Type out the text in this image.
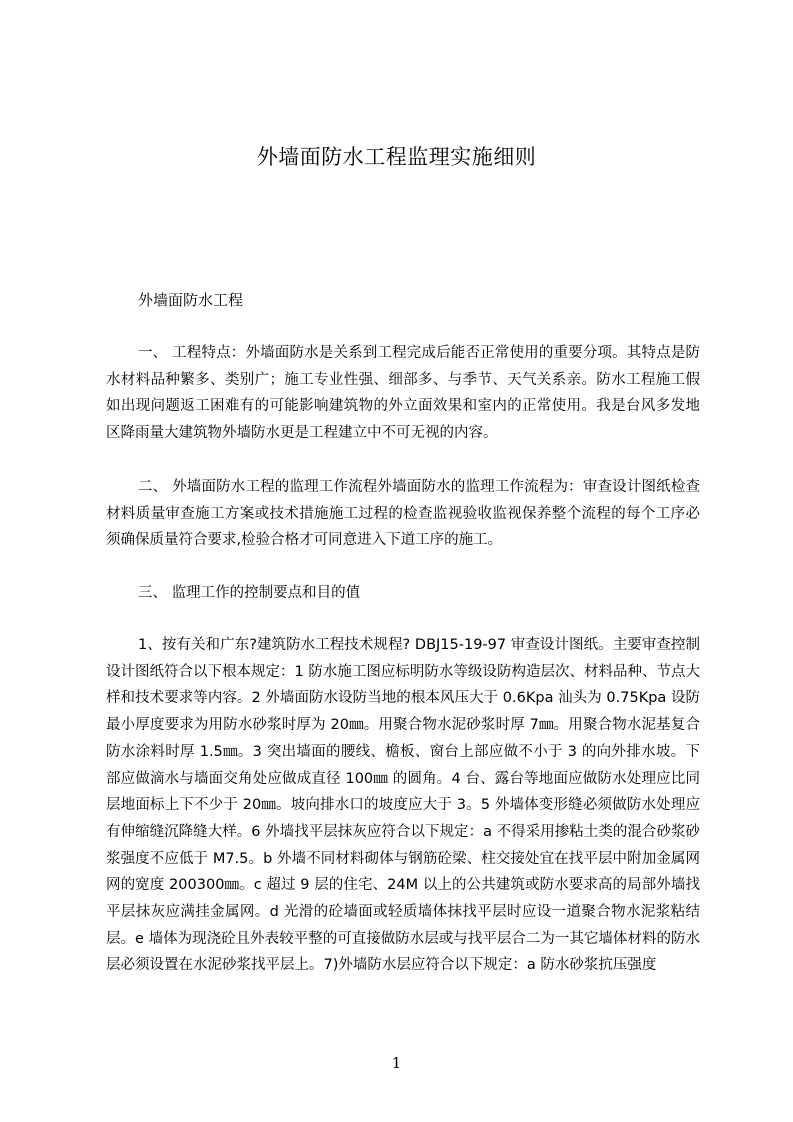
外墙面防水工程监理实施细则
外墙面防水工程
一、 工程特点：外墙面防水是关系到工程完成后能否正常使用的重要分项。其特点是防水材料品种繁多、类别广；施工专业性强、细部多、与季节、天气关系亲。防水工程施工假如出现问题返工困难有的可能影响建筑物的外立面效果和室内的正常使用。我是台风多发地区降雨量大建筑物外墙防水更是工程建立中不可无视的内容。
二、 外墙面防水工程的监理工作流程外墙面防水的监理工作流程为：审查设计图纸检查材料质量审查施工方案或技术措施施工过程的检查监视验收监视保养整个流程的每个工序必须确保质量符合要求,检验合格才可同意进入下道工序的施工。
三、 监理工作的控制要点和目的值
1、按有关和广东?建筑防水工程技术规程? DBJ15-19-97 审查设计图纸。主要审查控制设计图纸符合以下根本规定：1 防水施工图应标明防水等级设防构造层次、材料品种、节点大样和技术要求等内容。2 外墙面防水设防当地的根本风压大于 0.6Kpa 汕头为 0.75Kpa 设防最小厚度要求为用防水砂浆时厚为 20㎜。用聚合物水泥砂浆时厚 7㎜。用聚合物水泥基复合防水涂料时厚 1.5㎜。3 突出墙面的腰线、檐板、窗台上部应做不小于 3 的向外排水坡。下部应做滴水与墙面交角处应做成直径 100㎜ 的圆角。4 台、露台等地面应做防水处理应比同层地面标上下不少于 20㎜。坡向排水口的坡度应大于 3。5 外墙体变形缝必须做防水处理应有伸缩缝沉降缝大样。6 外墙找平层抹灰应符合以下规定：a 不得采用掺粘土类的混合砂浆砂浆强度不应低于 M7.5。b 外墙不同材料砌体与钢筋砼梁、柱交接处宜在找平层中附加金属网网的宽度 200300㎜。c 超过 9 层的住宅、24M 以上的公共建筑或防水要求高的局部外墙找平层抹灰应满挂金属网。d 光滑的砼墙面或轻质墙体抹找平层时应设一道聚合物水泥浆粘结层。e 墙体为现浇砼且外表较平整的可直接做防水层或与找平层合二为一其它墙体材料的防水层必须设置在水泥砂浆找平层上。7)外墙防水层应符合以下规定：a 防水砂浆抗压强度
1
